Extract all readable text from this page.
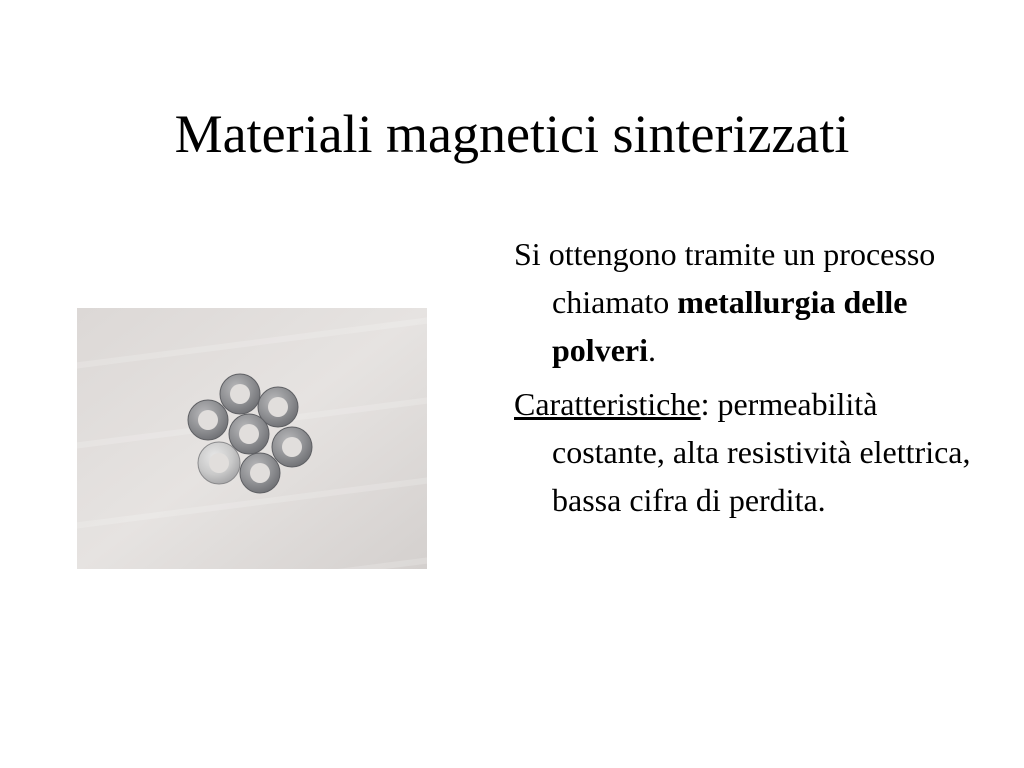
Materiali magnetici sinterizzati

Si ottengono tramite un processo chiamato metallurgia delle polveri.

Caratteristiche: permeabilità costante, alta resistività elettrica, bassa cifra di perdita.
